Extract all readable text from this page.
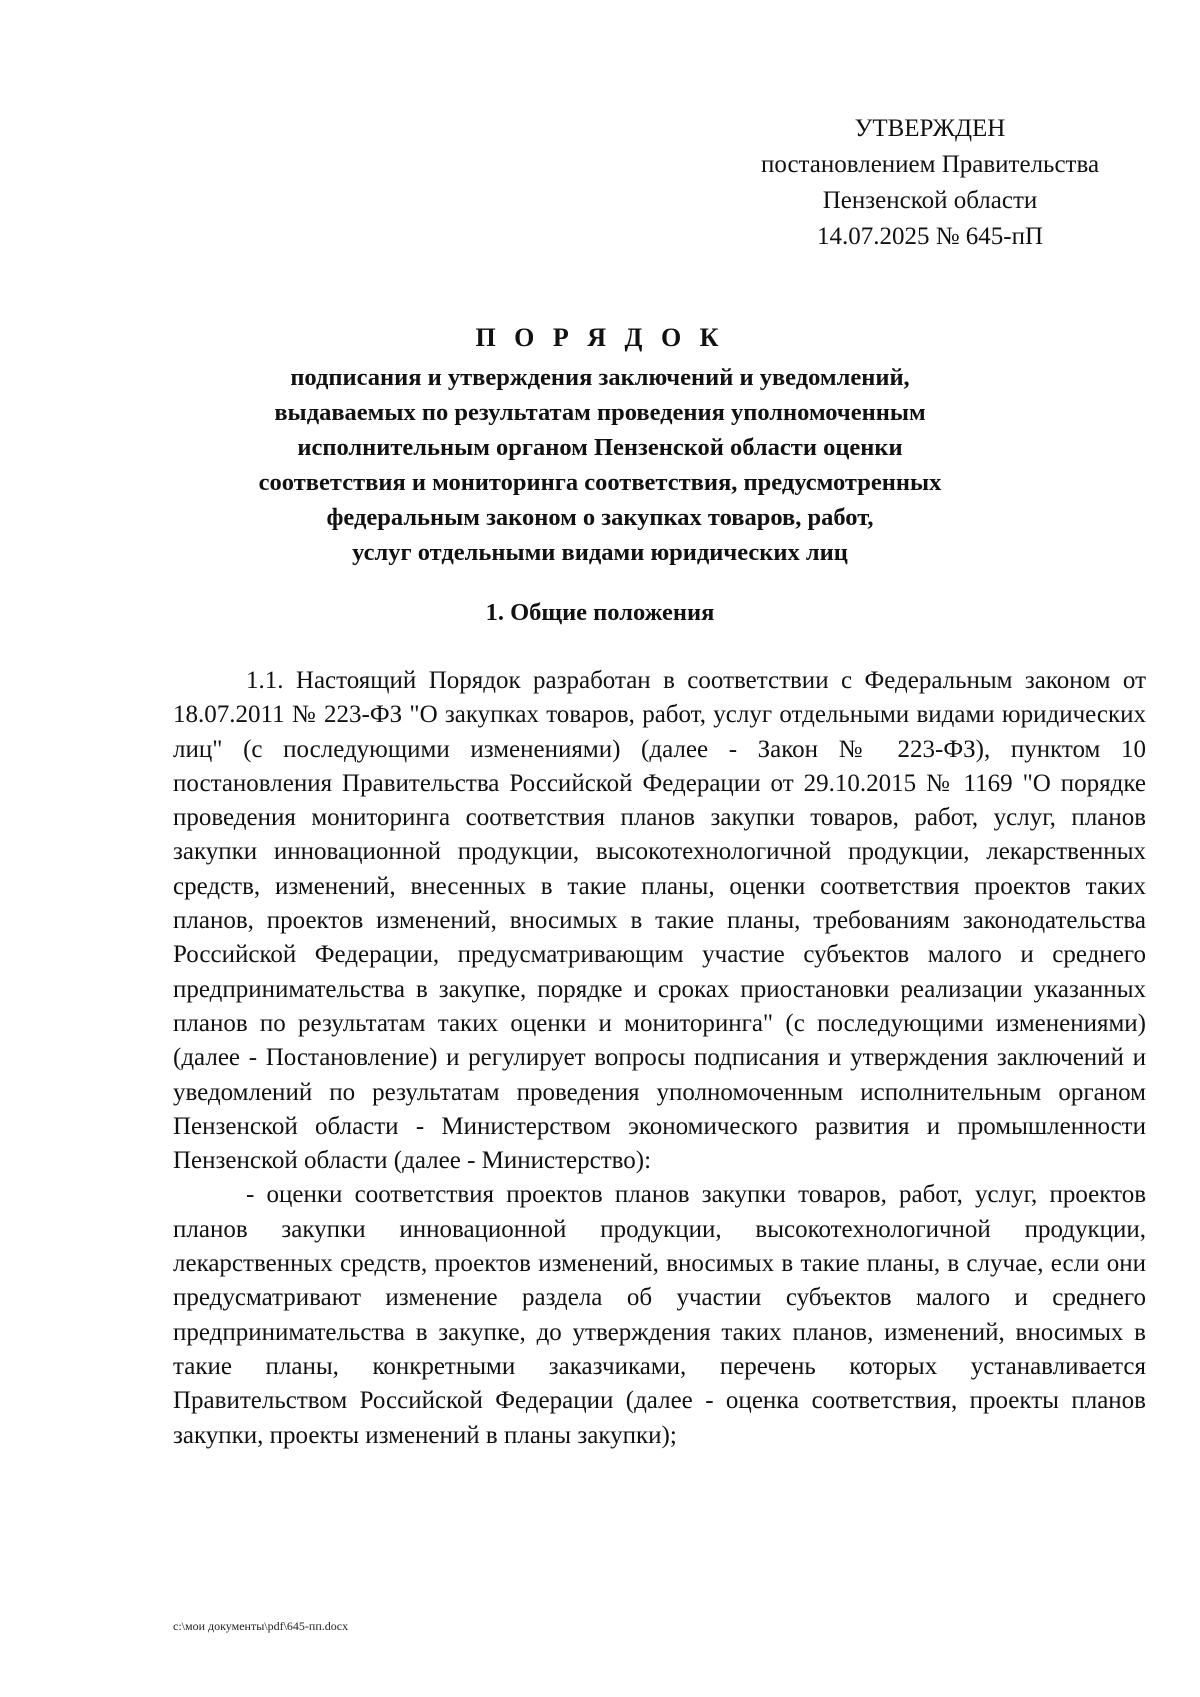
УТВЕРЖДЕН
постановлением Правительства
Пензенской области
14.07.2025 № 645-пП
П О Р Я Д О К
подписания и утверждения заключений и уведомлений,
выдаваемых по результатам проведения уполномоченным
исполнительным органом Пензенской области оценки
соответствия и мониторинга соответствия, предусмотренных
федеральным законом о закупках товаров, работ,
услуг отдельными видами юридических лиц
1. Общие положения

1.1. Настоящий Порядок разработан в соответствии с Федеральным законом от 18.07.2011 № 223-ФЗ "О закупках товаров, работ, услуг отдельными видами юридических лиц" (с последующими изменениями) (далее - Закон № 223-ФЗ), пунктом 10 постановления Правительства Российской Федерации от 29.10.2015 № 1169 "О порядке проведения мониторинга соответствия планов закупки товаров, работ, услуг, планов закупки инновационной продукции, высокотехнологичной продукции, лекарственных средств, изменений, внесенных в такие планы, оценки соответствия проектов таких планов, проектов изменений, вносимых в такие планы, требованиям законодательства Российской Федерации, предусматривающим участие субъектов малого и среднего предпринимательства в закупке, порядке и сроках приостановки реализации указанных планов по результатам таких оценки и мониторинга" (с последующими изменениями) (далее - Постановление) и регулирует вопросы подписания и утверждения заключений и уведомлений по результатам проведения уполномоченным исполнительным органом Пензенской области - Министерством экономического развития и промышленности Пензенской области (далее - Министерство):

- оценки соответствия проектов планов закупки товаров, работ, услуг, проектов планов закупки инновационной продукции, высокотехнологичной продукции, лекарственных средств, проектов изменений, вносимых в такие планы, в случае, если они предусматривают изменение раздела об участии субъектов малого и среднего предпринимательства в закупке, до утверждения таких планов, изменений, вносимых в такие планы, конкретными заказчиками, перечень которых устанавливается Правительством Российской Федерации (далее - оценка соответствия, проекты планов закупки, проекты изменений в планы закупки);

c:\мои документы\pdf\645-пп.docx
